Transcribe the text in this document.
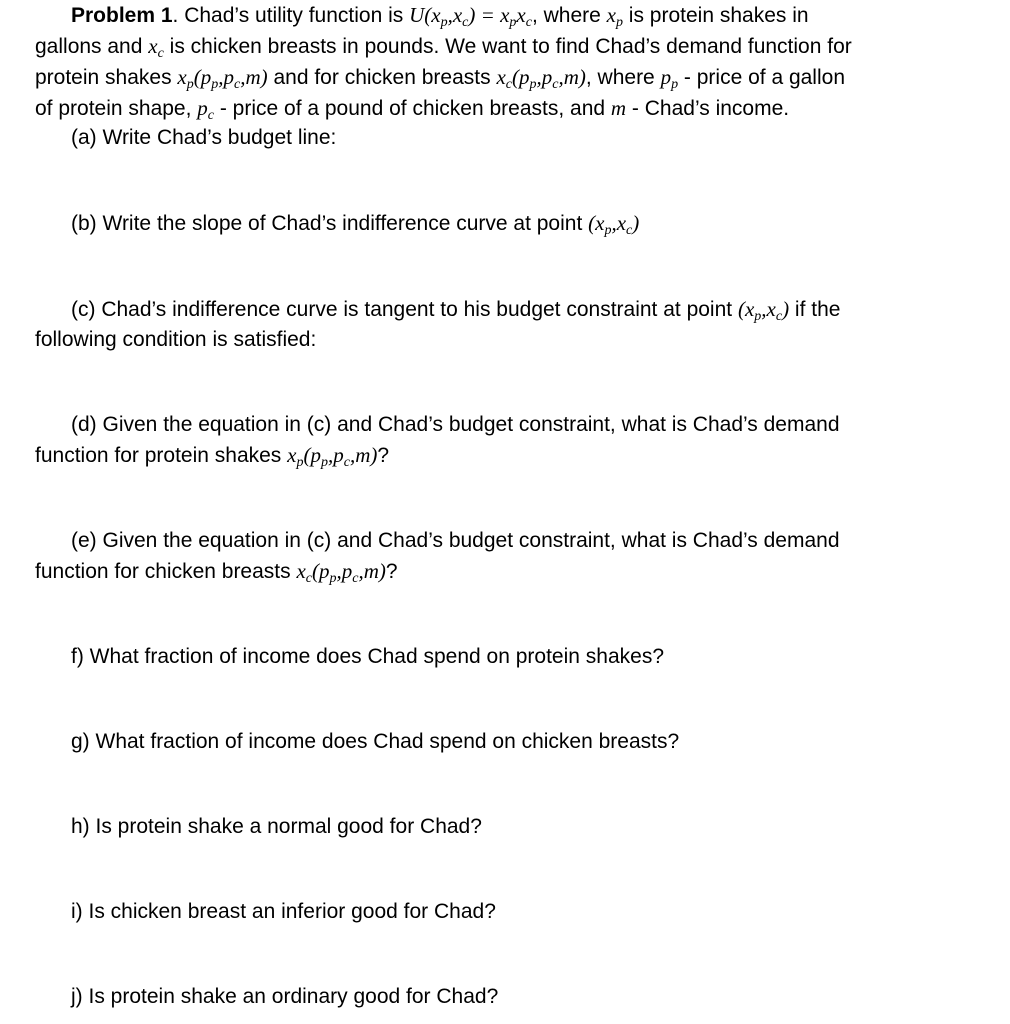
Problem 1. Chad’s utility function is $U(x_p,x_c) = x_px_c$, where $x_p$ is protein shakes in
gallons and $x_c$ is chicken breasts in pounds. We want to find Chad’s demand function for
protein shakes $x_p(p_p,p_c,m)$ and for chicken breasts $x_c(p_p,p_c,m)$, where $p_p$ - price of a gallon
of protein shape, $p_c$ - price of a pound of chicken breasts, and m - Chad’s income.
(a) Write Chad’s budget line:
(b) Write the slope of Chad’s indifference curve at point $(x_p,x_c)$
(c) Chad’s indifference curve is tangent to his budget constraint at point $(x_p,x_c)$ if the
following condition is satisfied:
(d) Given the equation in (c) and Chad’s budget constraint, what is Chad’s demand
function for protein shakes $x_p(p_p,p_c,m)$?
(e) Given the equation in (c) and Chad’s budget constraint, what is Chad’s demand
function for chicken breasts $x_c(p_p,p_c,m)$?
f) What fraction of income does Chad spend on protein shakes?
g) What fraction of income does Chad spend on chicken breasts?
h) Is protein shake a normal good for Chad?
i) Is chicken breast an inferior good for Chad?
j) Is protein shake an ordinary good for Chad?
